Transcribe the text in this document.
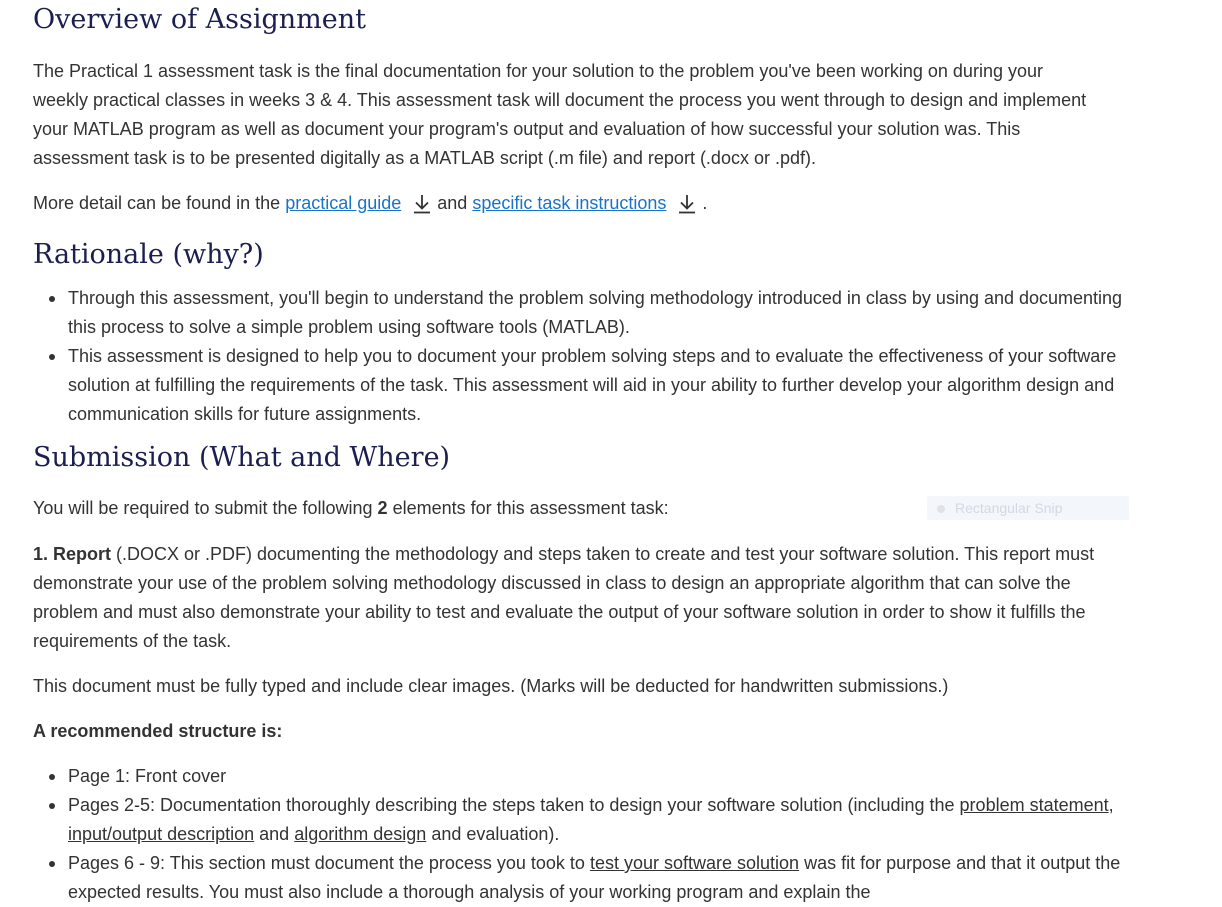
Overview of Assignment

The Practical 1 assessment task is the final documentation for your solution to the problem you've been working on during your weekly practical classes in weeks 3 & 4. This assessment task will document the process you went through to design and implement your MATLAB program as well as document your program's output and evaluation of how successful your solution was. This assessment task is to be presented digitally as a MATLAB script (.m file) and report (.docx or .pdf).

More detail can be found in the practical guide and specific task instructions .

Rationale (why?)
Through this assessment, you'll begin to understand the problem solving methodology introduced in class by using and documenting this process to solve a simple problem using software tools (MATLAB).
This assessment is designed to help you to document your problem solving steps and to evaluate the effectiveness of your software solution at fulfilling the requirements of the task. This assessment will aid in your ability to further develop your algorithm design and communication skills for future assignments.
Submission (What and Where)

You will be required to submit the following 2 elements for this assessment task:

1. Report (.DOCX or .PDF) documenting the methodology and steps taken to create and test your software solution. This report must demonstrate your use of the problem solving methodology discussed in class to design an appropriate algorithm that can solve the problem and must also demonstrate your ability to test and evaluate the output of your software solution in order to show it fulfills the requirements of the task.

This document must be fully typed and include clear images. (Marks will be deducted for handwritten submissions.)

A recommended structure is:

Page 1: Front cover
Pages 2-5: Documentation thoroughly describing the steps taken to design your software solution (including the problem statement, input/output description and algorithm design and evaluation).
Pages 6 - 9: This section must document the process you took to test your software solution was fit for purpose and that it output the expected results. You must also include a thorough analysis of your working program and explain the
Rectangular Snip
